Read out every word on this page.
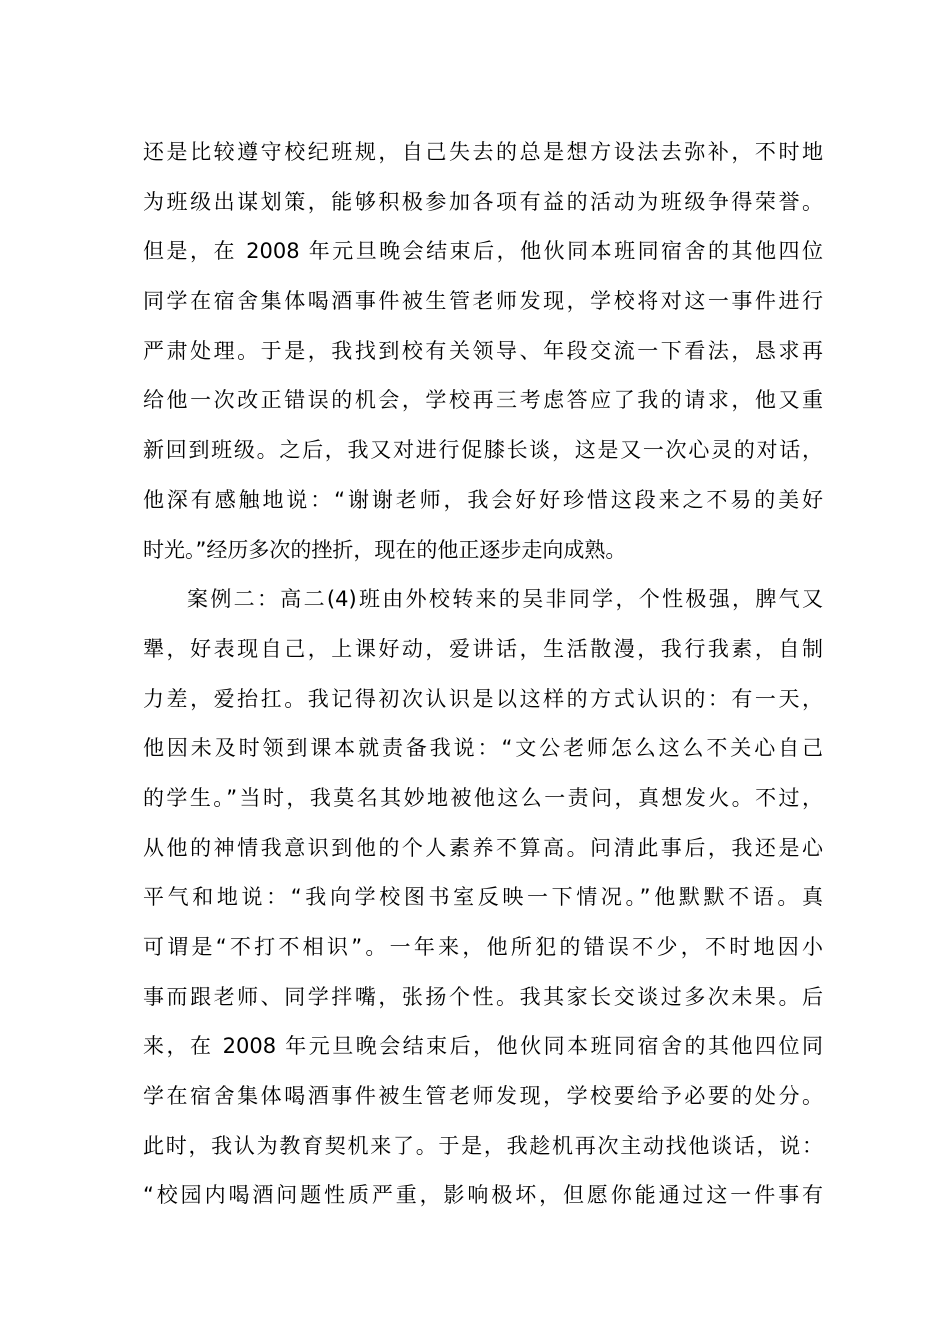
还是比较遵守校纪班规，自己失去的总是想方设法去弥补，不时地
为班级出谋划策，能够积极参加各项有益的活动为班级争得荣誉。
但是，在 2008 年元旦晚会结束后，他伙同本班同宿舍的其他四位
同学在宿舍集体喝酒事件被生管老师发现，学校将对这一事件进行
严肃处理。于是，我找到校有关领导、年段交流一下看法，恳求再
给他一次改正错误的机会，学校再三考虑答应了我的请求，他又重
新回到班级。之后，我又对进行促膝长谈，这是又一次心灵的对话，
他深有感触地说：“谢谢老师，我会好好珍惜这段来之不易的美好
时光。”经历多次的挫折，现在的他正逐步走向成熟。
案例二：高二(4)班由外校转来的吴非同学，个性极强，脾气又
犟，好表现自己，上课好动，爱讲话，生活散漫，我行我素，自制
力差，爱抬扛。我记得初次认识是以这样的方式认识的：有一天，
他因未及时领到课本就责备我说：“文公老师怎么这么不关心自己
的学生。”当时，我莫名其妙地被他这么一责问，真想发火。不过，
从他的神情我意识到他的个人素养不算高。问清此事后，我还是心
平气和地说：“我向学校图书室反映一下情况。”他默默不语。真
可谓是“不打不相识”。一年来，他所犯的错误不少，不时地因小
事而跟老师、同学拌嘴，张扬个性。我其家长交谈过多次未果。后
来，在 2008 年元旦晚会结束后，他伙同本班同宿舍的其他四位同
学在宿舍集体喝酒事件被生管老师发现，学校要给予必要的处分。
此时，我认为教育契机来了。于是，我趁机再次主动找他谈话，说：
“校园内喝酒问题性质严重，影响极坏，但愿你能通过这一件事有
